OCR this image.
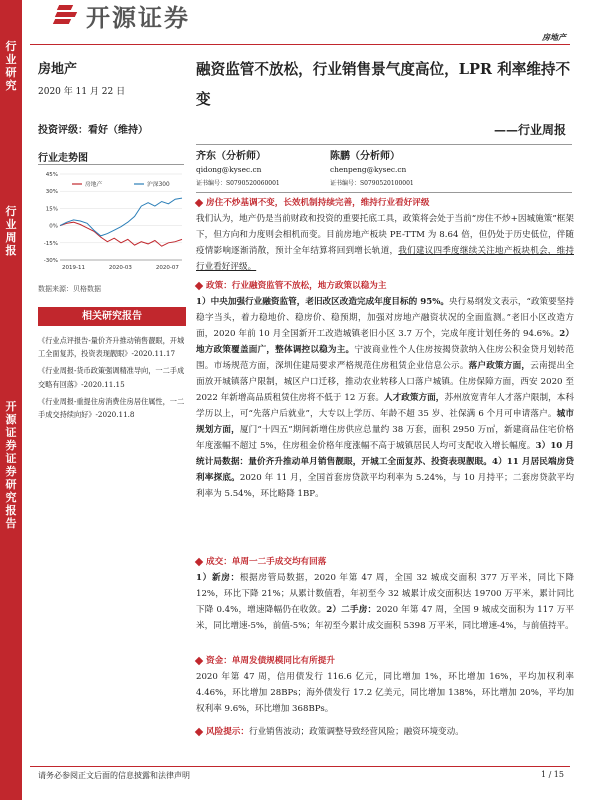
行业研究
行业周报
开源证券 证券研究报告
开源证券
房地产
房地产
2020 年 11 月 22 日
投资评级：看好（维持）
行业走势图
45%
30%
15%
0%
-15%
-30%
2019-11	2020-03	2020-07
房地产	沪深300
数据来源：贝格数据
相关研究报告

《行业点评报告-量价齐升推动销售靓眼，开城工全面复苏，投资表现靓眼》-2020.11.17

《行业周报-货币政策强调精准导向，一二手成交略有回落》-2020.11.15

《行业周报-重提住房消费住房居住属性，一二手成交持续向好》-2020.11.8

融资监管不放松，行业销售景气度高位，LPR 利率维持不变
——行业周报
齐东（分析师）
qidong@kysec.cn
证书编号：S0790520060001
陈鹏（分析师）
chenpeng@kysec.cn
证书编号：S0790520100001
房住不炒基调不变，长效机制持续完善，维持行业看好评级
我们认为，地产仍是当前财政和投资的重要托底工具，政策将会处于当前“房住不炒+因城施策”框架下，但方向和力度则会相机而变。目前房地产板块 PE-TTM 为 8.64 倍，但仍处于历史低位，伴随疫情影响逐渐消散，预计全年结算将回到增长轨道，我们建议四季度继续关注地产板块机会，维持行业看好评级。
政策：行业融资监管不放松，地方政策以稳为主
1）中央加强行业融资监管，老旧改区改造完成年度目标的 95%。央行易纲发文表示，“政策要坚持稳字当头，着力稳地价、稳房价、稳预期，加强对房地产融资状况的全面监测。”老旧小区改造方面，2020 年前 10 月全国新开工改造城镇老旧小区 3.7 万个，完成年度计划任务的 94.6%。2）地方政策覆盖面广，整体调控以稳为主。宁波商业性个人住房按揭贷款纳入住房公积金贷月划转范围。市场规范方面，深圳住建局要求严格规范住房租赁企业信息公示。落户政策方面，云南提出全面放开城镇落户限制，城区户口迁移，推动农业转移人口落户城镇。住房保障方面，西安 2020 至 2022 年新增高品质租赁住房将不低于 12 万套。人才政策方面，苏州放宽青年人才落户限制，本科学历以上，可“先落户后就业”，大专以上学历、年龄不超 35 岁、社保满 6 个月可申请落户。城市规划方面，厦门“十四五”期间新增住房供应总量约 38 万套，面积 2950 万㎡，新建商品住宅价格年度涨幅不超过 5%，住房租金价格年度涨幅不高于城镇居民人均可支配收入增长幅度。3）10 月统计局数据：量价齐升推动单月销售靓眼，开城工全面复苏、投资表现靓眼。4）11 月居民端房贷利率探底。2020 年 11 月，全国首套房贷款平均利率为 5.24%，与 10 月持平；二套房贷款平均利率为 5.54%，环比略降 1BP。
成交：单周一二手成交均有回落
1）新房：根据房管局数据，2020 年第 47 周，全国 32 城成交面积 377 万平米，同比下降 12%，环比下降 21%；从累计数值看，年初至今 32 城累计成交面积达 19700 万平米，累计同比下降 0.4%，增速降幅仍在收敛。2）二手房：2020 年第 47 周，全国 9 城成交面积为 117 万平米，同比增速-5%，前值-5%；年初至今累计成交面积 5398 万平米，同比增速-4%，与前值持平。
资金：单周发债规模同比有所提升
2020 年第 47 周，信用债发行 116.6 亿元，同比增加 1%，环比增加 16%，平均加权利率 4.46%，环比增加 28BPs；海外债发行 17.2 亿美元，同比增加 138%，环比增加 20%，平均加权利率 9.6%，环比增加 368BPs。
风险提示： 行业销售波动；政策调整导致经营风险；融资环境变动。
请务必参阅正文后面的信息披露和法律声明	1 / 15
